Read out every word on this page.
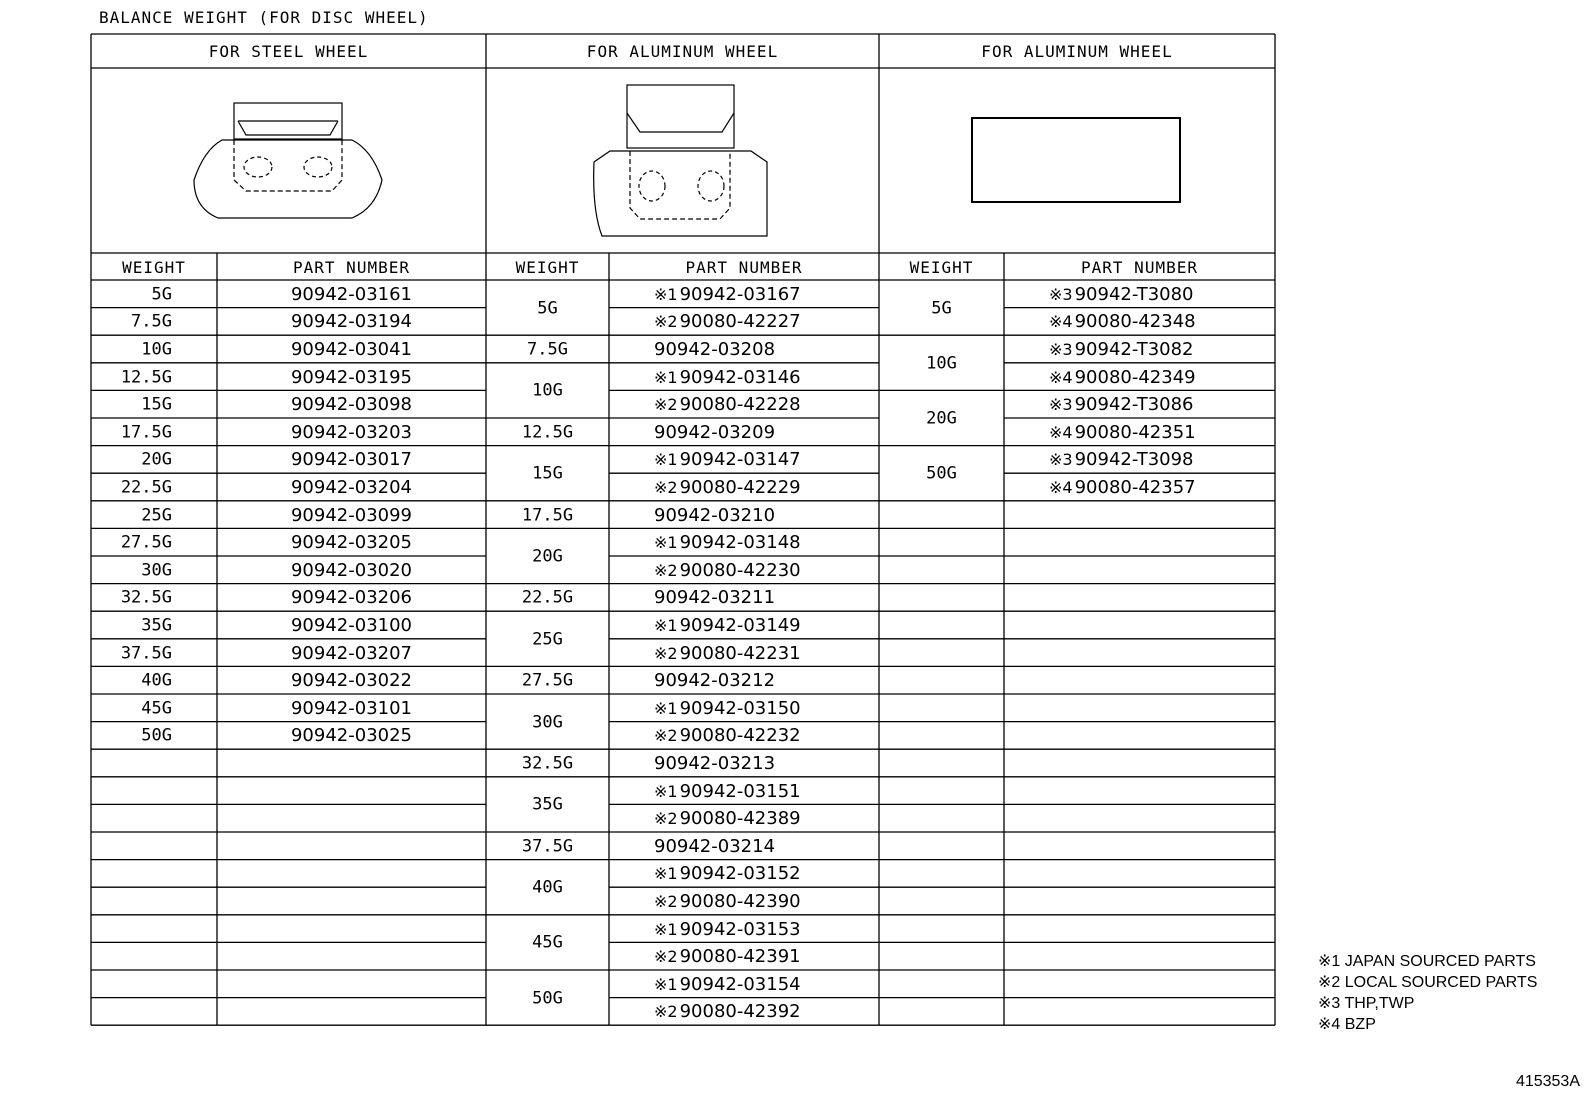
BALANCE WEIGHT (FOR DISC WHEEL)
FOR STEEL WHEEL
WEIGHT	PART NUMBER
FOR ALUMINUM WHEEL
WEIGHT	PART NUMBER
FOR ALUMINUM WHEEL
WEIGHT	PART NUMBER
5G	90942-03161
7.5G	90942-03194
10G	90942-03041
12.5G	90942-03195
15G	90942-03098
17.5G	90942-03203
20G	90942-03017
22.5G	90942-03204
25G	90942-03099
27.5G	90942-03205
30G	90942-03020
32.5G	90942-03206
35G	90942-03100
37.5G	90942-03207
40G	90942-03022
45G	90942-03101
50G	90942-03025
5G
※1 90942-03167
※2 90080-42227
7.5G	90942-03208
10G
※1 90942-03146
※2 90080-42228
12.5G	90942-03209
15G
※1 90942-03147
※2 90080-42229
17.5G	90942-03210
20G
※1 90942-03148
※2 90080-42230
22.5G	90942-03211
25G
※1 90942-03149
※2 90080-42231
27.5G	90942-03212
30G
※1 90942-03150
※2 90080-42232
32.5G	90942-03213
35G
※1 90942-03151
※2 90080-42389
37.5G	90942-03214
40G
※1 90942-03152
※2 90080-42390
45G
※1 90942-03153
※2 90080-42391
50G
※1 90942-03154
※2 90080-42392
5G
※3 90942-T3080
※4 90080-42348
10G
※3 90942-T3082
※4 90080-42349
20G
※3 90942-T3086
※4 90080-42351
50G
※3 90942-T3098
※4 90080-42357
※1 JAPAN SOURCED PARTS
※2 LOCAL SOURCED PARTS
※3 THP,TWP
※4 BZP
415353A
